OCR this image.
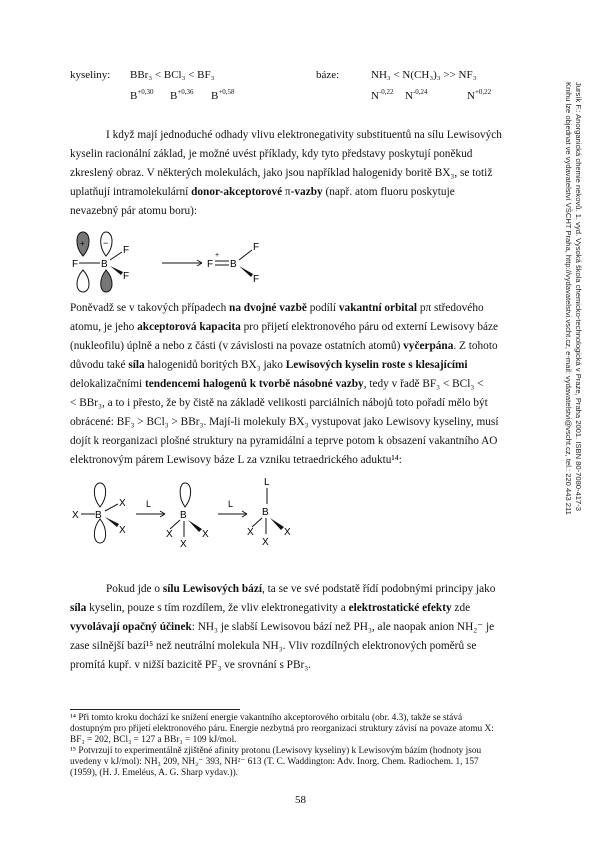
kyseliny: BBr₃ < BCl₃ < BF₃
$B^{+0,30}$ $B^{+0,36}$ $B^{+0,58}$
báze:	NH₃ < N(CH₃)₃ >> NF₃
$N^{-0,22}$ $N^{-0,24}$	$N^{+0,22}$
I když mají jednoduché odhady vlivu elektronegativity substituentů na sílu Lewisových
kyselin racionální základ, je možné uvést příklady, kdy tyto představy poskytují poněkud
zkreslený obraz. V některých molekulách, jako jsou například halogenidy boritě BX₃, se totiž
uplatňují intramolekulární donor-akceptorové π-vazby (např. atom fluoru poskytuje
nevazebný pár atomu boru):
F B
F
F
+ −
F B
F
F
+
Poněvadž se v takových případech na dvojné vazbě podílí vakantní orbital pπ středového
atomu, je jeho akceptorová kapacita pro přijetí elektronového páru od externí Lewisovy báze
(nukleofilu) úplně a nebo z části (v závislosti na povaze ostatních atomů) vyčerpána. Z tohoto
důvodu také síla halogenidů boritých BX₃ jako Lewisových kyselin roste s klesajícími
delokalizačními tendencemi halogenů k tvorbě násobné vazby, tedy v řadě BF₃ < BCl₃ <
< BBr₃, a to i přesto, že by čistě na základě velikosti parciálních nábojů toto pořadí mělo být
obrácené: BF₃ > BCl₃ > BBr₃. Mají-li molekuly BX₃ vystupovat jako Lewisovy kyseliny, musí
dojít k reorganizaci plošné struktury na pyramidální a teprve potom k obsazení vakantního AO
elektronovým párem Lewisovy báze L za vzniku tetraedrického aduktu¹⁴:
X B
X
X
L
B
X
X
X
L
L
B
X
X
X
Pokud jde o sílu Lewisových bází, ta se ve své podstatě řídí podobnými principy jako
síla kyselin, pouze s tím rozdílem, že vliv elektronegativity a elektrostatické efekty zde
vyvolávají opačný účinek: NH₃ je slabší Lewisovou bází než PH₃, ale naopak anion NH₂⁻ je
zase silnější bazí¹⁵ než neutrální molekula NH₃. Vliv rozdílných elektronových poměrů se
promítá kupř. v nižší bazicitě PF₃ ve srovnání s PBr₃.
¹⁴ Při tomto kroku dochází ke snížení energie vakantního akceptorového orbitalu (obr. 4.3), takže se stává
dostupným pro přijetí elektronového páru. Energie nezbytná pro reorganizaci struktury závisí na povaze atomu X:
BF₃ = 202, BCl₃ = 127 a BBr₃ = 109 kJ/mol.
¹⁵ Potvrzují to experimentálně zjištěné afinity protonu (Lewisovy kyseliny) k Lewisovým bázím (hodnoty jsou
uvedeny v kJ/mol): NH₃ 209, NH₂⁻ 393, NH²⁻ 613 (T. C. Waddington: Adv. Inorg. Chem. Radiochem. 1, 157
(1959), (H. J. Emeléus, A. G. Sharp vydav.)).
58
Jursík F.: Anorganická chemie nekovů. 1. vyd. Vysoká škola chemicko-technologická v Praze, Praha 2001. ISBN 80-7080-417-3
Knihu lze objednat ve vydavatelství VŠCHT Praha, http://vydavatelstvi.vscht.cz, e-mail: vydavatelstvi@vscht.cz, tel.: 220 443 211
